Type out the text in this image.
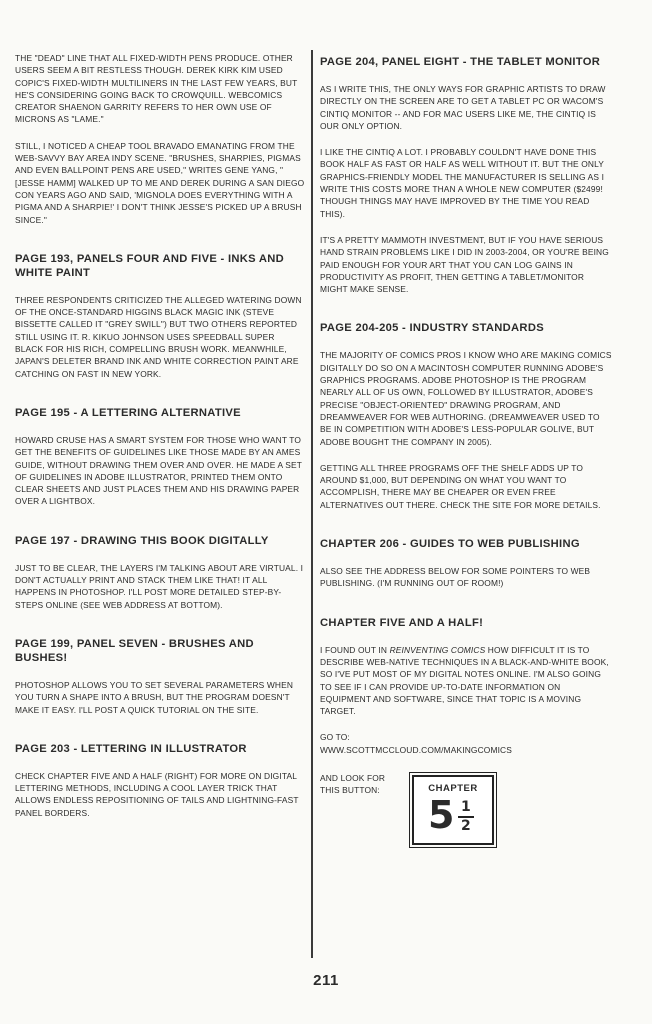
THE "DEAD" LINE THAT ALL FIXED-WIDTH PENS PRODUCE. OTHER USERS SEEM A BIT RESTLESS THOUGH. DEREK KIRK KIM USED COPIC'S FIXED-WIDTH MULTILINERS IN THE LAST FEW YEARS, BUT HE'S CONSIDERING GOING BACK TO CROWQUILL. WEBCOMICS CREATOR SHAENON GARRITY REFERS TO HER OWN USE OF MICRONS AS "LAME."

STILL, I NOTICED A CHEAP TOOL BRAVADO EMANATING FROM THE WEB-SAVVY BAY AREA INDY SCENE. "BRUSHES, SHARPIES, PIGMAS AND EVEN BALLPOINT PENS ARE USED," WRITES GENE YANG, "[JESSE HAMM] WALKED UP TO ME AND DEREK DURING A SAN DIEGO CON YEARS AGO AND SAID, 'MIGNOLA DOES EVERYTHING WITH A PIGMA AND A SHARPIE!' I DON'T THINK JESSE'S PICKED UP A BRUSH SINCE."

PAGE 193, PANELS FOUR AND FIVE - INKS AND WHITE PAINT

THREE RESPONDENTS CRITICIZED THE ALLEGED WATERING DOWN OF THE ONCE-STANDARD HIGGINS BLACK MAGIC INK (STEVE BISSETTE CALLED IT "GREY SWILL") BUT TWO OTHERS REPORTED STILL USING IT. R. KIKUO JOHNSON USES SPEEDBALL SUPER BLACK FOR HIS RICH, COMPELLING BRUSH WORK. MEANWHILE, JAPAN'S DELETER BRAND INK AND WHITE CORRECTION PAINT ARE CATCHING ON FAST IN NEW YORK.

PAGE 195 - A LETTERING ALTERNATIVE

HOWARD CRUSE HAS A SMART SYSTEM FOR THOSE WHO WANT TO GET THE BENEFITS OF GUIDELINES LIKE THOSE MADE BY AN AMES GUIDE, WITHOUT DRAWING THEM OVER AND OVER. HE MADE A SET OF GUIDELINES IN ADOBE ILLUSTRATOR, PRINTED THEM ONTO CLEAR SHEETS AND JUST PLACES THEM AND HIS DRAWING PAPER OVER A LIGHTBOX.

PAGE 197 - DRAWING THIS BOOK DIGITALLY

JUST TO BE CLEAR, THE LAYERS I'M TALKING ABOUT ARE VIRTUAL. I DON'T ACTUALLY PRINT AND STACK THEM LIKE THAT! IT ALL HAPPENS IN PHOTOSHOP. I'LL POST MORE DETAILED STEP-BY-STEPS ONLINE (SEE WEB ADDRESS AT BOTTOM).

PAGE 199, PANEL SEVEN - BRUSHES AND BUSHES!

PHOTOSHOP ALLOWS YOU TO SET SEVERAL PARAMETERS WHEN YOU TURN A SHAPE INTO A BRUSH, BUT THE PROGRAM DOESN'T MAKE IT EASY. I'LL POST A QUICK TUTORIAL ON THE SITE.

PAGE 203 - LETTERING IN ILLUSTRATOR

CHECK CHAPTER FIVE AND A HALF (RIGHT) FOR MORE ON DIGITAL LETTERING METHODS, INCLUDING A COOL LAYER TRICK THAT ALLOWS ENDLESS REPOSITIONING OF TAILS AND LIGHTNING-FAST PANEL BORDERS.

PAGE 204, PANEL EIGHT - THE TABLET MONITOR

AS I WRITE THIS, THE ONLY WAYS FOR GRAPHIC ARTISTS TO DRAW DIRECTLY ON THE SCREEN ARE TO GET A TABLET PC OR WACOM'S CINTIQ MONITOR -- AND FOR MAC USERS LIKE ME, THE CINTIQ IS OUR ONLY OPTION.

I LIKE THE CINTIQ A LOT. I PROBABLY COULDN'T HAVE DONE THIS BOOK HALF AS FAST OR HALF AS WELL WITHOUT IT. BUT THE ONLY GRAPHICS-FRIENDLY MODEL THE MANUFACTURER IS SELLING AS I WRITE THIS COSTS MORE THAN A WHOLE NEW COMPUTER ($2499! THOUGH THINGS MAY HAVE IMPROVED BY THE TIME YOU READ THIS).

IT'S A PRETTY MAMMOTH INVESTMENT, BUT IF YOU HAVE SERIOUS HAND STRAIN PROBLEMS LIKE I DID IN 2003-2004, OR YOU'RE BEING PAID ENOUGH FOR YOUR ART THAT YOU CAN LOG GAINS IN PRODUCTIVITY AS PROFIT, THEN GETTING A TABLET/MONITOR MIGHT MAKE SENSE.

PAGE 204-205 - INDUSTRY STANDARDS

THE MAJORITY OF COMICS PROS I KNOW WHO ARE MAKING COMICS DIGITALLY DO SO ON A MACINTOSH COMPUTER RUNNING ADOBE'S GRAPHICS PROGRAMS. ADOBE PHOTOSHOP IS THE PROGRAM NEARLY ALL OF US OWN, FOLLOWED BY ILLUSTRATOR, ADOBE'S PRECISE "OBJECT-ORIENTED" DRAWING PROGRAM, AND DREAMWEAVER FOR WEB AUTHORING. (DREAMWEAVER USED TO BE IN COMPETITION WITH ADOBE'S LESS-POPULAR GOLIVE, BUT ADOBE BOUGHT THE COMPANY IN 2005).

GETTING ALL THREE PROGRAMS OFF THE SHELF ADDS UP TO AROUND $1,000, BUT DEPENDING ON WHAT YOU WANT TO ACCOMPLISH, THERE MAY BE CHEAPER OR EVEN FREE ALTERNATIVES OUT THERE. CHECK THE SITE FOR MORE DETAILS.

CHAPTER 206 - GUIDES TO WEB PUBLISHING

ALSO SEE THE ADDRESS BELOW FOR SOME POINTERS TO WEB PUBLISHING. (I'M RUNNING OUT OF ROOM!)

CHAPTER FIVE AND A HALF!

I FOUND OUT IN REINVENTING COMICS HOW DIFFICULT IT IS TO DESCRIBE WEB-NATIVE TECHNIQUES IN A BLACK-AND-WHITE BOOK, SO I'VE PUT MOST OF MY DIGITAL NOTES ONLINE. I'M ALSO GOING TO SEE IF I CAN PROVIDE UP-TO-DATE INFORMATION ON EQUIPMENT AND SOFTWARE, SINCE THAT TOPIC IS A MOVING TARGET.

GO TO:
WWW.SCOTTMCCLOUD.COM/MAKINGCOMICS

AND LOOK FOR THIS BUTTON:	CHAPTER
5 1
2
211
